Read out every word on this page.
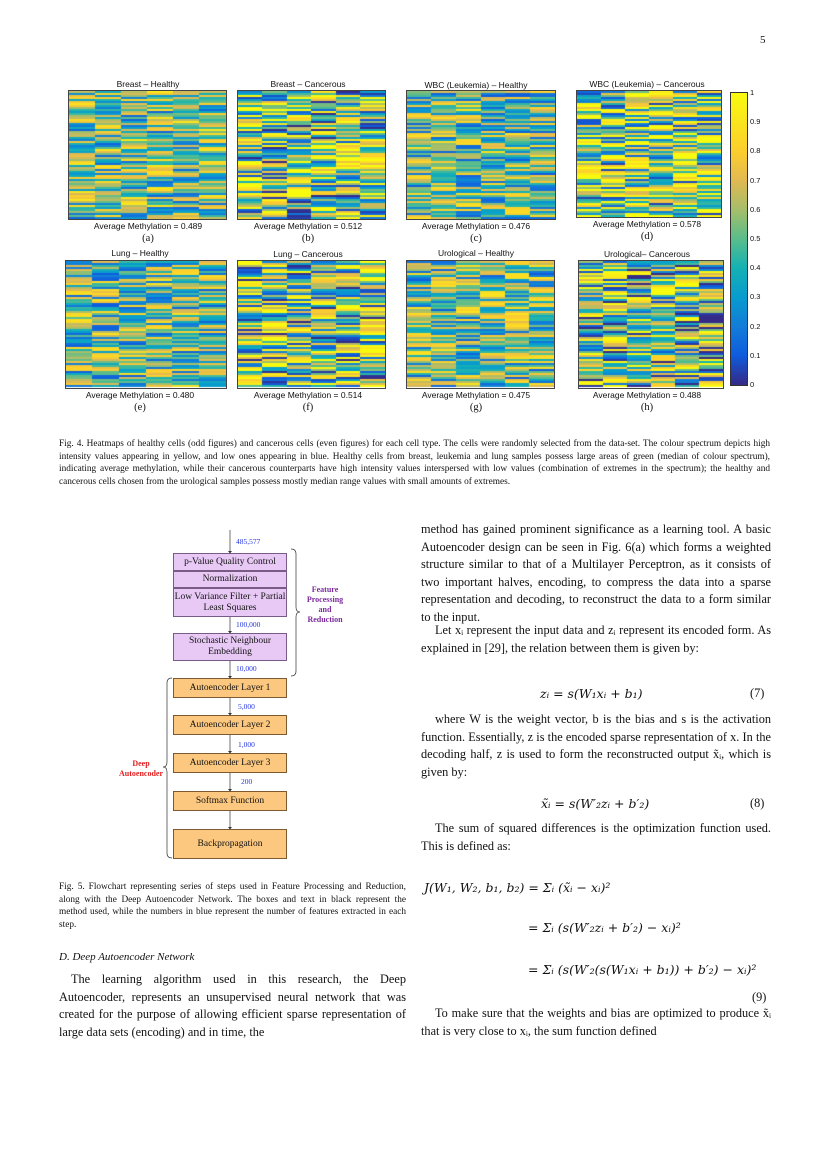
5
Breast – Healthy
Average Methylation = 0.489
(a)
Breast – Cancerous
Average Methylation = 0.512
(b)
WBC (Leukemia) – Healthy
Average Methylation = 0.476
(c)
WBC (Leukemia) – Cancerous
Average Methylation = 0.578
(d)
Lung – Healthy
Average Methylation = 0.480
(e)
Lung – Cancerous
Average Methylation = 0.514
(f)
Urological – Healthy
Average Methylation = 0.475
(g)
Urological– Cancerous
Average Methylation = 0.488
(h)
1
0.9
0.8
0.7
0.6
0.5
0.4
0.3
0.2
0.1
0
Fig. 4. Heatmaps of healthy cells (odd figures) and cancerous cells (even figures) for each cell type. The cells were randomly selected from the data-set. The colour spectrum depicts high intensity values appearing in yellow, and low ones appearing in blue. Healthy cells from breast, leukemia and lung samples possess large areas of green (median of colour spectrum), indicating average methylation, while their cancerous counterparts have high intensity values interspersed with low values (combination of extremes in the spectrum); the healthy and cancerous cells chosen from the urological samples possess mostly median range values with small amounts of extremes.
485,577
p-Value Quality Control
Normalization
Low Variance Filter + Partial Least Squares
100,000
Stochastic Neighbour Embedding
10,000
Feature Processing and Reduction
Autoencoder Layer 1
5,000
Autoencoder Layer 2
1,000
Autoencoder Layer 3
200
Softmax Function
Backpropagation
Deep Autoencoder
Fig. 5. Flowchart representing series of steps used in Feature Processing and Reduction, along with the Deep Autoencoder Network. The boxes and text in black represent the method used, while the numbers in blue represent the number of features extracted in each step.
D. Deep Autoencoder Network
The learning algorithm used in this research, the Deep Autoencoder, represents an unsupervised neural network that was created for the purpose of allowing efficient sparse representation of large data sets (encoding) and in time, the
method has gained prominent significance as a learning tool. A basic Autoencoder design can be seen in Fig. 6(a) which forms a weighted structure similar to that of a Multilayer Perceptron, as it consists of two important halves, encoding, to compress the data into a sparse representation and decoding, to reconstruct the data to a form similar to the input.
Let xᵢ represent the input data and zᵢ represent its encoded form. As explained in [29], the relation between them is given by:
zᵢ = s(W₁xᵢ + b₁)	(7)
where W is the weight vector, b is the bias and s is the activation function. Essentially, z is the encoded sparse representation of x. In the decoding half, z is used to form the reconstructed output x̃ᵢ, which is given by:
x̃ᵢ = s(W′₂zᵢ + b′₂)	(8)
The sum of squared differences is the optimization function used. This is defined as:
J(W₁, W₂, b₁, b₂) = Σᵢ (x̃ᵢ − xᵢ)²
= Σᵢ (s(W′₂zᵢ + b′₂) − xᵢ)²
= Σᵢ (s(W′₂(s(W₁xᵢ + b₁)) + b′₂) − xᵢ)²
(9)
To make sure that the weights and bias are optimized to produce x̃ᵢ that is very close to xᵢ, the sum function defined
